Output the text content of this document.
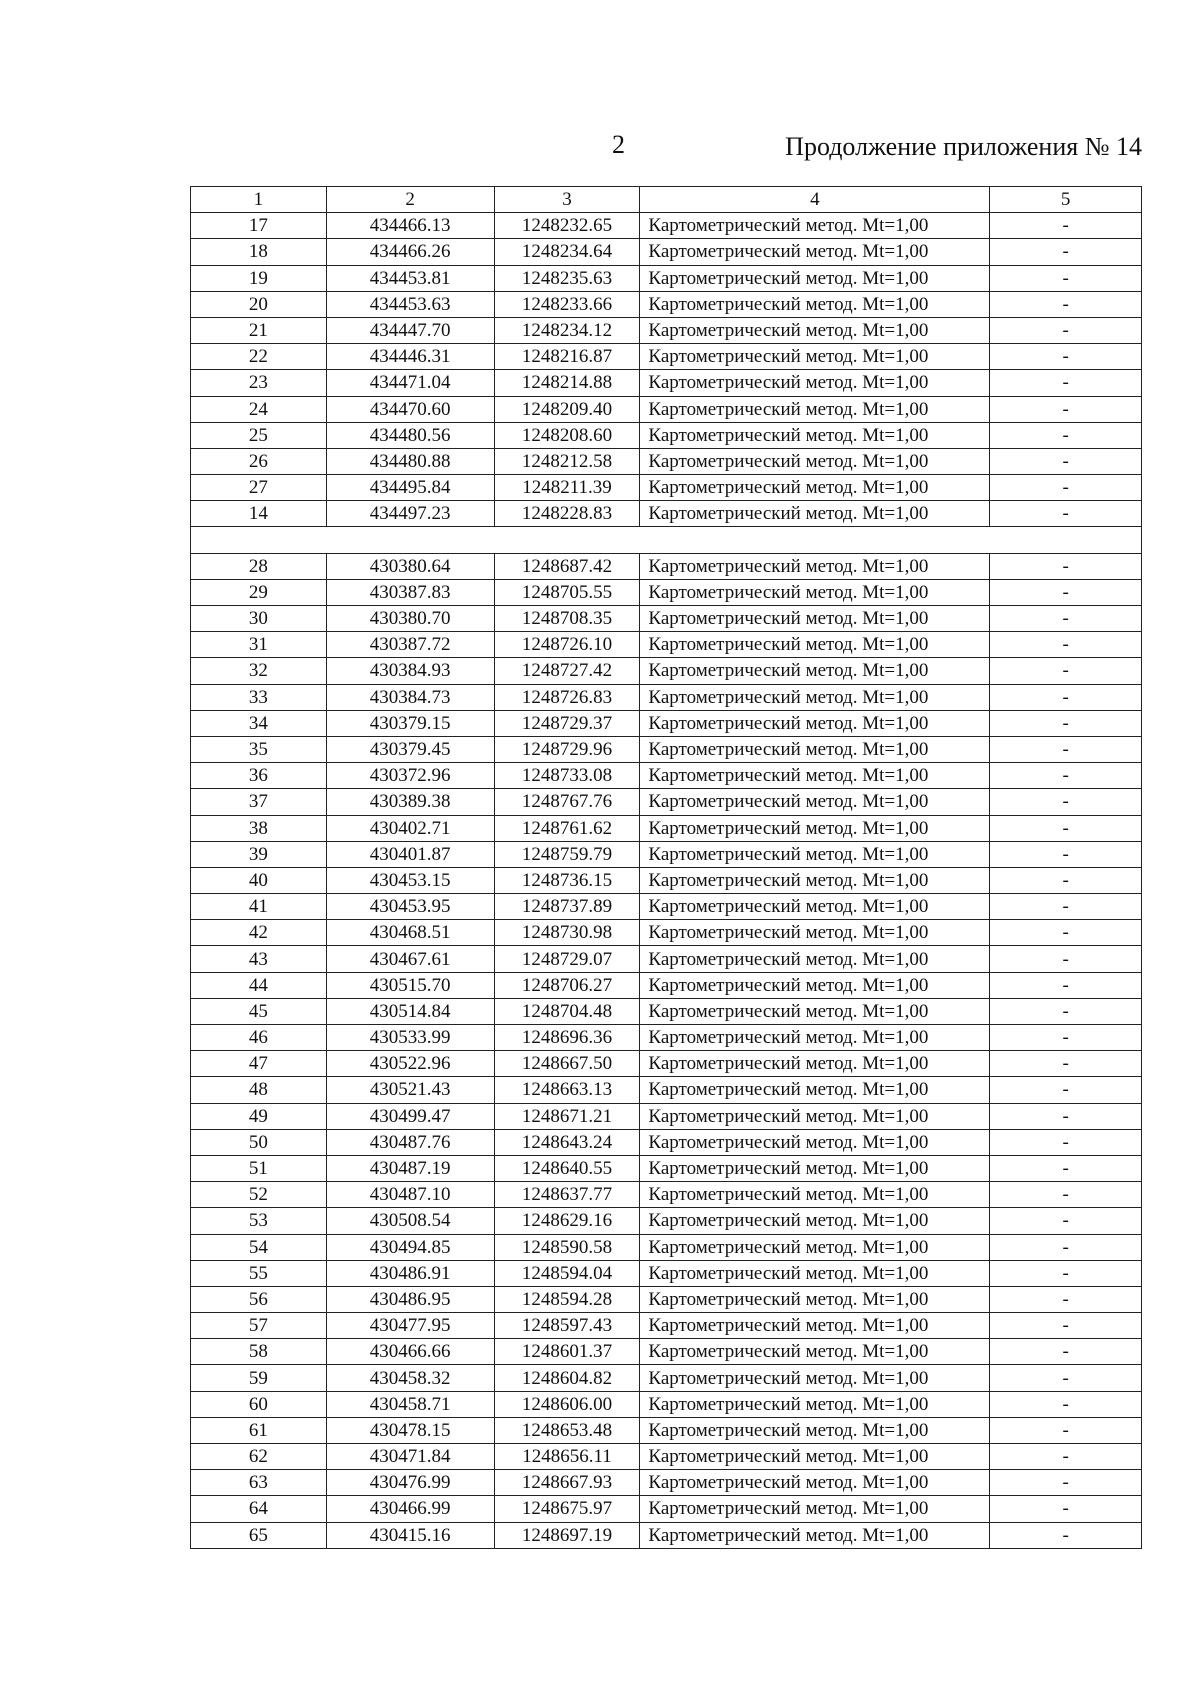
2	Продолжение приложения № 14
1	2	3	4	5
17	434466.13	1248232.65	Картометрический метод. Mt=1,00	-
18	434466.26	1248234.64	Картометрический метод. Mt=1,00	-
19	434453.81	1248235.63	Картометрический метод. Mt=1,00	-
20	434453.63	1248233.66	Картометрический метод. Mt=1,00	-
21	434447.70	1248234.12	Картометрический метод. Mt=1,00	-
22	434446.31	1248216.87	Картометрический метод. Mt=1,00	-
23	434471.04	1248214.88	Картометрический метод. Mt=1,00	-
24	434470.60	1248209.40	Картометрический метод. Mt=1,00	-
25	434480.56	1248208.60	Картометрический метод. Mt=1,00	-
26	434480.88	1248212.58	Картометрический метод. Mt=1,00	-
27	434495.84	1248211.39	Картометрический метод. Mt=1,00	-
14	434497.23	1248228.83	Картометрический метод. Mt=1,00	-

28	430380.64	1248687.42	Картометрический метод. Mt=1,00	-
29	430387.83	1248705.55	Картометрический метод. Mt=1,00	-
30	430380.70	1248708.35	Картометрический метод. Mt=1,00	-
31	430387.72	1248726.10	Картометрический метод. Mt=1,00	-
32	430384.93	1248727.42	Картометрический метод. Mt=1,00	-
33	430384.73	1248726.83	Картометрический метод. Mt=1,00	-
34	430379.15	1248729.37	Картометрический метод. Mt=1,00	-
35	430379.45	1248729.96	Картометрический метод. Mt=1,00	-
36	430372.96	1248733.08	Картометрический метод. Mt=1,00	-
37	430389.38	1248767.76	Картометрический метод. Mt=1,00	-
38	430402.71	1248761.62	Картометрический метод. Mt=1,00	-
39	430401.87	1248759.79	Картометрический метод. Mt=1,00	-
40	430453.15	1248736.15	Картометрический метод. Mt=1,00	-
41	430453.95	1248737.89	Картометрический метод. Mt=1,00	-
42	430468.51	1248730.98	Картометрический метод. Mt=1,00	-
43	430467.61	1248729.07	Картометрический метод. Mt=1,00	-
44	430515.70	1248706.27	Картометрический метод. Mt=1,00	-
45	430514.84	1248704.48	Картометрический метод. Mt=1,00	-
46	430533.99	1248696.36	Картометрический метод. Mt=1,00	-
47	430522.96	1248667.50	Картометрический метод. Mt=1,00	-
48	430521.43	1248663.13	Картометрический метод. Mt=1,00	-
49	430499.47	1248671.21	Картометрический метод. Mt=1,00	-
50	430487.76	1248643.24	Картометрический метод. Mt=1,00	-
51	430487.19	1248640.55	Картометрический метод. Mt=1,00	-
52	430487.10	1248637.77	Картометрический метод. Mt=1,00	-
53	430508.54	1248629.16	Картометрический метод. Mt=1,00	-
54	430494.85	1248590.58	Картометрический метод. Mt=1,00	-
55	430486.91	1248594.04	Картометрический метод. Mt=1,00	-
56	430486.95	1248594.28	Картометрический метод. Mt=1,00	-
57	430477.95	1248597.43	Картометрический метод. Mt=1,00	-
58	430466.66	1248601.37	Картометрический метод. Mt=1,00	-
59	430458.32	1248604.82	Картометрический метод. Mt=1,00	-
60	430458.71	1248606.00	Картометрический метод. Mt=1,00	-
61	430478.15	1248653.48	Картометрический метод. Mt=1,00	-
62	430471.84	1248656.11	Картометрический метод. Mt=1,00	-
63	430476.99	1248667.93	Картометрический метод. Mt=1,00	-
64	430466.99	1248675.97	Картометрический метод. Mt=1,00	-
65	430415.16	1248697.19	Картометрический метод. Mt=1,00	-
